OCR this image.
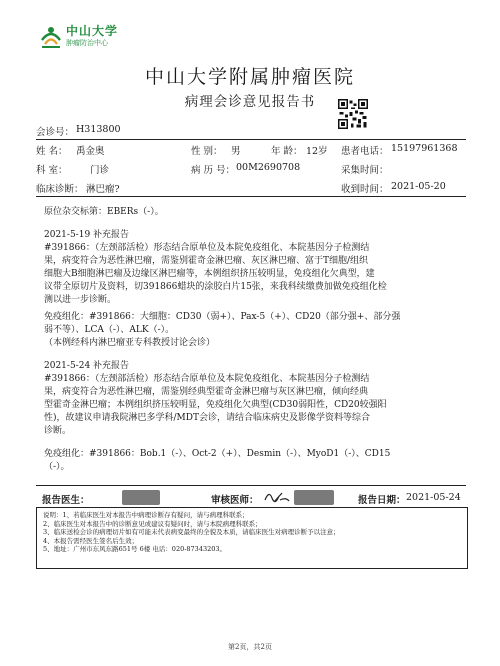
中山大学
肿瘤防治中心
中山大学附属肿瘤医院
病理会诊意见报告书
会诊号： H313800
姓 名： 禹金奥	性 别： 男	年 龄： 12岁 患者电话： 15197961368
科 室： 门诊	病 历 号： 00M2690708	采集时间：
临床诊断： 淋巴瘤?	收到时间： 2021-05-20

原位杂交标第：EBERs（-）。

2021-5-19 补充报告

#391866：（左颈部活检）形态结合原单位及本院免疫组化、本院基因分子检测结

果，病变符合为恶性淋巴瘤，需鉴别霍奇金淋巴瘤、灰区淋巴瘤、富于T细胞/组织

细胞大B细胞淋巴瘤及边缘区淋巴瘤等，本例组织挤压较明显，免疫组化欠典型，建

议带全原切片及资料，切391866蜡块的涂胶白片15张，来我科续缴费加做免疫组化检

测以进一步诊断。

免疫组化：#391866：大细胞：CD30（弱+）、Pax-5（+）、CD20（部分强+、部分强

弱不等）、LCA（-）、ALK（-）。

（本例经科内淋巴瘤亚专科教授讨论会诊）

2021-5-24 补充报告

#391866：（左颈部活检）形态结合原单位及本院免疫组化、本院基因分子检测结

果，病变符合为恶性淋巴瘤，需鉴别经典型霍奇金淋巴瘤与灰区淋巴瘤，倾向经典

型霍奇金淋巴瘤；本例组织挤压较明显，免疫组化欠典型(CD30弱阳性，CD20较强阳

性)，故建议申请我院淋巴多学科/MDT会诊，请结合临床病史及影像学资料等综合

诊断。

免疫组化：#391866：Bob.1（-）、Oct-2（+）、Desmin（-）、MyoD1（-）、CD15

（-）。

报告医生：	审核医师：	报告日期： 2021-05-24

说明：1、若临床医生对本报告中病理诊断存有疑问，请与病理科联系；

2、临床医生对本报告中的诊断意见或建议有疑问时，请与本院病理科联系；

3、临床送检会诊的病理切片如有可能未代表病变最终的全貌及本质，请临床医生对病理诊断予以注意；

4、本报告需经医生签名后生效；

5、地址：广州市东风东路651号 6楼 电话：020-87343203。

第2页，共2页
